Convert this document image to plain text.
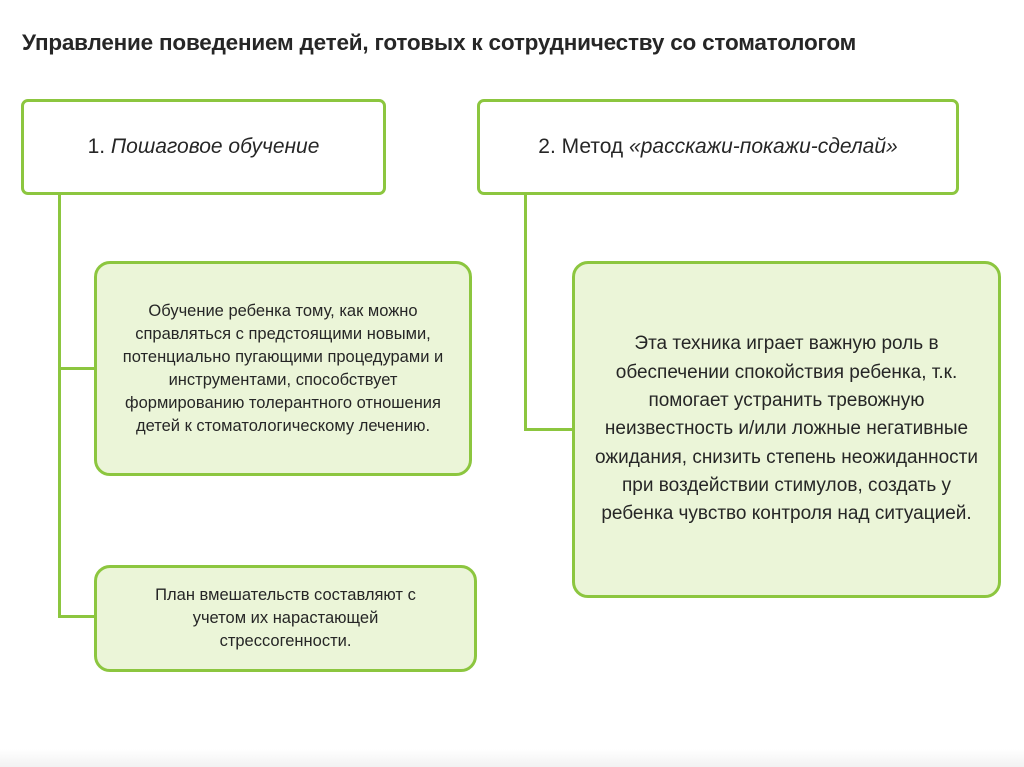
Управление поведением детей, готовых к сотрудничеству со стоматологом
1.
Пошаговое обучение	2.
Метод
«расскажи-покажи-сделай»
Обучение ребенка тому, как можно справляться с предстоящими новыми, потенциально пугающими процедурами и инструментами, способствует формированию толерантного отношения детей к стоматологическому лечению.
План вмешательств составляют с учетом их нарастающей стрессогенности.
Эта техника играет важную роль в обеспечении спокойствия ребенка, т.к. помогает устранить тревожную неизвестность и/или ложные негативные ожидания, снизить степень неожиданности при воздействии стимулов, создать у ребенка чувство контроля над ситуацией.
